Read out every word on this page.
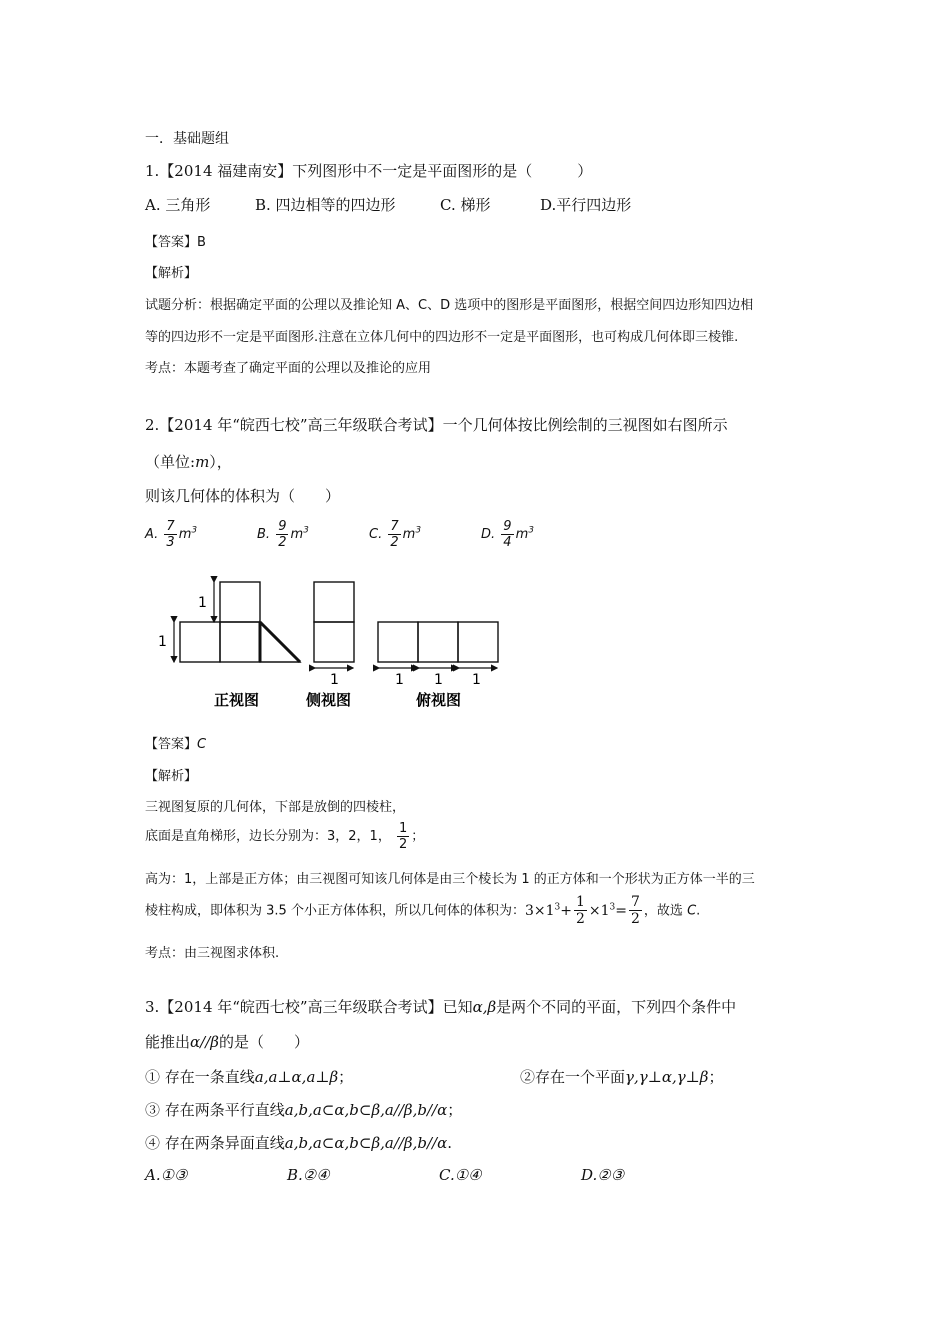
一．基础题组
1.【2014 福建南安】下列图形中不一定是平面图形的是（　　　）
A. 三角形	B. 四边相等的四边形	C. 梯形	D.平行四边形
【答案】B
【解析】
试题分析：根据确定平面的公理以及推论知 A、C、D 选项中的图形是平面图形，根据空间四边形知四边相
等的四边形不一定是平面图形.注意在立体几何中的四边形不一定是平面图形，也可构成几何体即三棱锥.
考点：本题考查了确定平面的公理以及推论的应用
2.【2014 年“皖西七校”高三年级联合考试】一个几何体按比例绘制的三视图如右图所示
（单位:m），
则该几何体的体积为（　　）
A. $\frac{7}{3} m^3$	B. $\frac{9}{2} m^3$	C. $\frac{7}{2} m^3$	D. $\frac{9}{4} m^3$
1
1
正视图
1
侧视图
1 1 1
俯视图
【答案】C
【解析】
三视图复原的几何体，下部是放倒的四棱柱，
底面是直角梯形，边长分别为：3，2，1， $\frac{1}{2}$ ；
高为：1，上部是正方体；由三视图可知该几何体是由三个棱长为 1 的正方体和一个形状为正方体一半的三
棱柱构成，即体积为 3.5 个小正方体体积，所以几何体的体积为：$3\times 1^3+ \frac{1}{2} \times 1^3= \frac{7}{2}$ ，故选 C.
考点：由三视图求体积.
3.【2014 年“皖西七校”高三年级联合考试】已知α,β是两个不同的平面，下列四个条件中
能推出α//β的是（　　）
① 存在一条直线a,a⊥α,a⊥β；	②存在一个平面γ,γ⊥α,γ⊥β；
③ 存在两条平行直线a,b,a⊂α,b⊂β,a//β,b//α；
④ 存在两条异面直线a,b,a⊂α,b⊂β,a//β,b//α.
A.①③	B.②④	C.①④	D.②③
